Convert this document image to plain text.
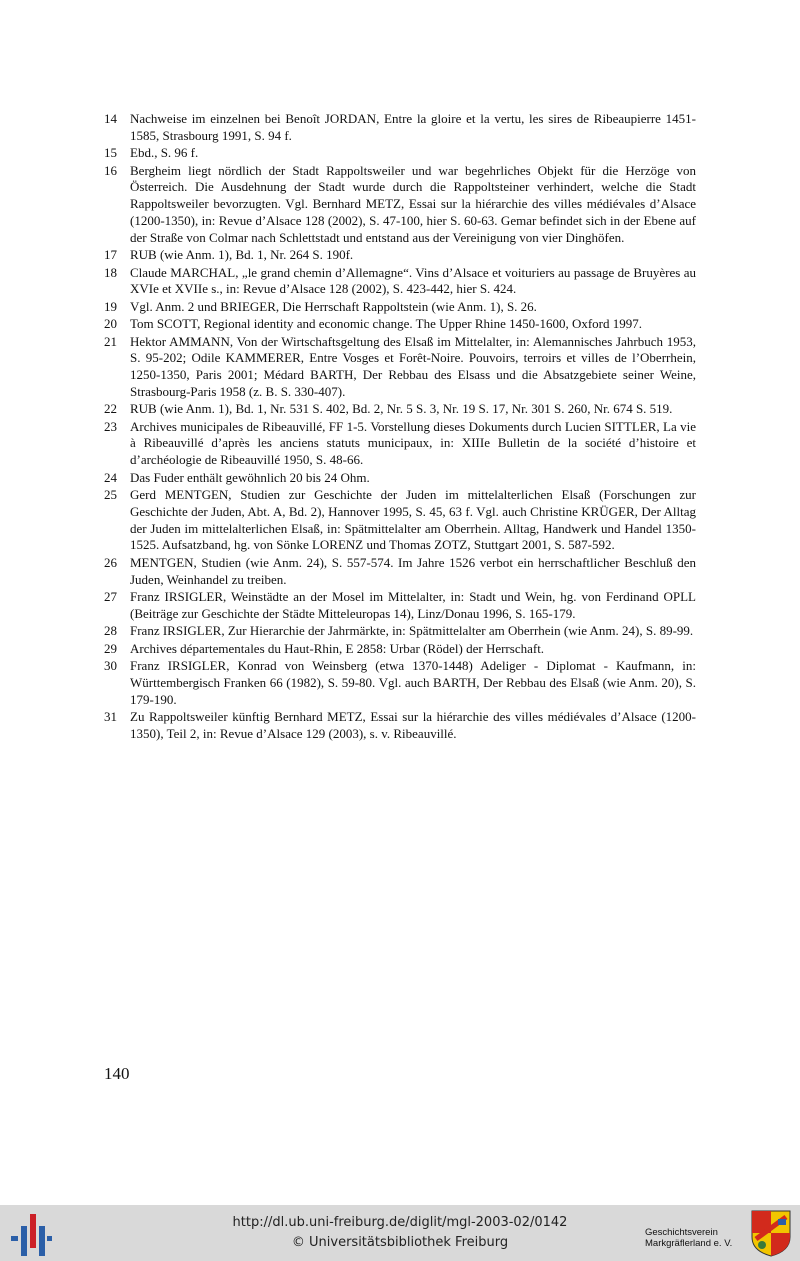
14	Nachweise im einzelnen bei Benoît JORDAN, Entre la gloire et la vertu, les sires de Ribeaupierre 1451-1585, Strasbourg 1991, S. 94 f.
15	Ebd., S. 96 f.
16	Bergheim liegt nördlich der Stadt Rappoltsweiler und war begehrliches Objekt für die Herzöge von Österreich. Die Ausdehnung der Stadt wurde durch die Rappoltsteiner verhindert, welche die Stadt Rappoltsweiler bevorzugten. Vgl. Bernhard METZ, Essai sur la hiérarchie des villes médiévales d’Alsace (1200-1350), in: Revue d’Alsace 128 (2002), S. 47-100, hier S. 60-63. Gemar befindet sich in der Ebene auf der Straße von Colmar nach Schlettstadt und entstand aus der Vereinigung von vier Dinghöfen.
17	RUB (wie Anm. 1), Bd. 1, Nr. 264 S. 190f.
18	Claude MARCHAL, „le grand chemin d’Allemagne“. Vins d’Alsace et voituriers au passage de Bruyères au XVIe et XVIIe s., in: Revue d’Alsace 128 (2002), S. 423-442, hier S. 424.
19	Vgl. Anm. 2 und BRIEGER, Die Herrschaft Rappoltstein (wie Anm. 1), S. 26.
20	Tom SCOTT, Regional identity and economic change. The Upper Rhine 1450-1600, Oxford 1997.
21	Hektor AMMANN, Von der Wirtschaftsgeltung des Elsaß im Mittelalter, in: Alemannisches Jahrbuch 1953, S. 95-202; Odile KAMMERER, Entre Vosges et Forêt-Noire. Pouvoirs, terroirs et villes de l’Oberrhein, 1250-1350, Paris 2001; Médard BARTH, Der Rebbau des Elsass und die Absatzgebiete seiner Weine, Strasbourg-Paris 1958 (z. B. S. 330-407).
22	RUB (wie Anm. 1), Bd. 1, Nr. 531 S. 402, Bd. 2, Nr. 5 S. 3, Nr. 19 S. 17, Nr. 301 S. 260, Nr. 674 S. 519.
23	Archives municipales de Ribeauvillé, FF 1-5. Vorstellung dieses Dokuments durch Lucien SITTLER, La vie à Ribeauvillé d’après les anciens statuts municipaux, in: XIIIe Bulletin de la société d’histoire et d’archéologie de Ribeauvillé 1950, S. 48-66.
24	Das Fuder enthält gewöhnlich 20 bis 24 Ohm.
25	Gerd MENTGEN, Studien zur Geschichte der Juden im mittelalterlichen Elsaß (Forschungen zur Geschichte der Juden, Abt. A, Bd. 2), Hannover 1995, S. 45, 63 f. Vgl. auch Christine KRÜGER, Der Alltag der Juden im mittelalterlichen Elsaß, in: Spätmittelalter am Oberrhein. Alltag, Handwerk und Handel 1350-1525. Aufsatzband, hg. von Sönke LORENZ und Thomas ZOTZ, Stuttgart 2001, S. 587-592.
26	MENTGEN, Studien (wie Anm. 24), S. 557-574. Im Jahre 1526 verbot ein herrschaftlicher Beschluß den Juden, Weinhandel zu treiben.
27	Franz IRSIGLER, Weinstädte an der Mosel im Mittelalter, in: Stadt und Wein, hg. von Ferdinand OPLL (Beiträge zur Geschichte der Städte Mitteleuropas 14), Linz/Donau 1996, S. 165-179.
28	Franz IRSIGLER, Zur Hierarchie der Jahrmärkte, in: Spätmittelalter am Oberrhein (wie Anm. 24), S. 89-99.
29	Archives départementales du Haut-Rhin, E 2858: Urbar (Rödel) der Herrschaft.
30	Franz IRSIGLER, Konrad von Weinsberg (etwa 1370-1448) Adeliger - Diplomat - Kaufmann, in: Württembergisch Franken 66 (1982), S. 59-80. Vgl. auch BARTH, Der Rebbau des Elsaß (wie Anm. 20), S. 179-190.
31	Zu Rappoltsweiler künftig Bernhard METZ, Essai sur la hiérarchie des villes médiévales d’Alsace (1200-1350), Teil 2, in: Revue d’Alsace 129 (2003), s. v. Ribeauvillé.
140
http://dl.ub.uni-freiburg.de/diglit/mgl-2003-02/0142
© Universitätsbibliothek Freiburg
Geschichtsverein
Markgräflerland e. V.
